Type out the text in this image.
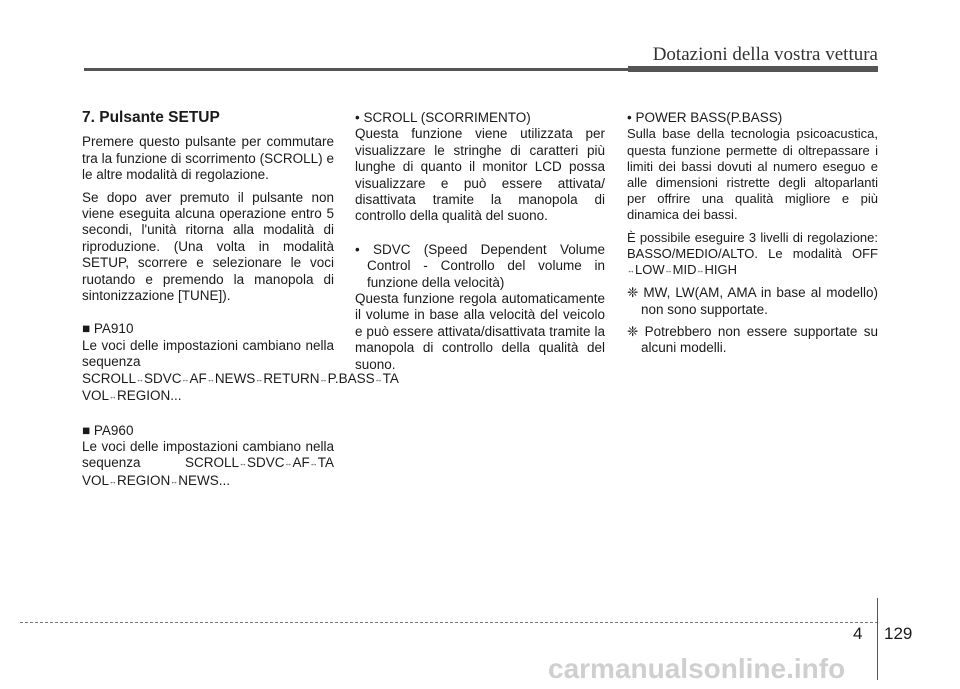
Dotazioni della vostra vettura

7. Pulsante SETUP

Premere questo pulsante per commutare tra la funzione di scorrimento (SCROLL) e le altre modalità di regolazione.

Se dopo aver premuto il pulsante non viene eseguita alcuna operazione entro 5 secondi, l'unità ritorna alla modalità di riproduzione. (Una volta in modalità SETUP, scorrere e selezionare le voci ruotando e premendo la manopola di sintonizzazione [TUNE]).

■ PA910

Le voci delle impostazioni cambiano nella sequenza SCROLL↔SDVC↔AF↔NEWS↔RETURN↔P.BASS↔TA VOL↔REGION...

■ PA960

Le voci delle impostazioni cambiano nella sequenza	SCROLL↔SDVC↔AF↔TA VOL↔REGION↔NEWS...

• SCROLL (SCORRIMENTO)

Questa funzione viene utilizzata per visualizzare le stringhe di caratteri più lunghe di quanto il monitor LCD possa visualizzare e può essere attivata/ disattivata tramite la manopola di controllo della qualità del suono.

• SDVC (Speed Dependent Volume Control - Controllo del volume in funzione della velocità)

Questa funzione regola automaticamente il volume in base alla velocità del veicolo e può essere attivata/disattivata tramite la manopola di controllo della qualità del suono.

• POWER BASS(P.BASS)

Sulla base della tecnologia psicoacustica, questa funzione permette di oltrepassare i limiti dei bassi dovuti al numero eseguo e alle dimensioni ristrette degli altoparlanti per offrire una qualità migliore e più dinamica dei bassi.

È possibile eseguire 3 livelli di regolazione: BASSO/MEDIO/ALTO. Le modalità OFF ↔LOW↔MID↔HIGH

❈ MW, LW(AM, AMA in base al modello) non sono supportate.

❈ Potrebbero non essere supportate su alcuni modelli.

4 129
carmanualsonline.info
